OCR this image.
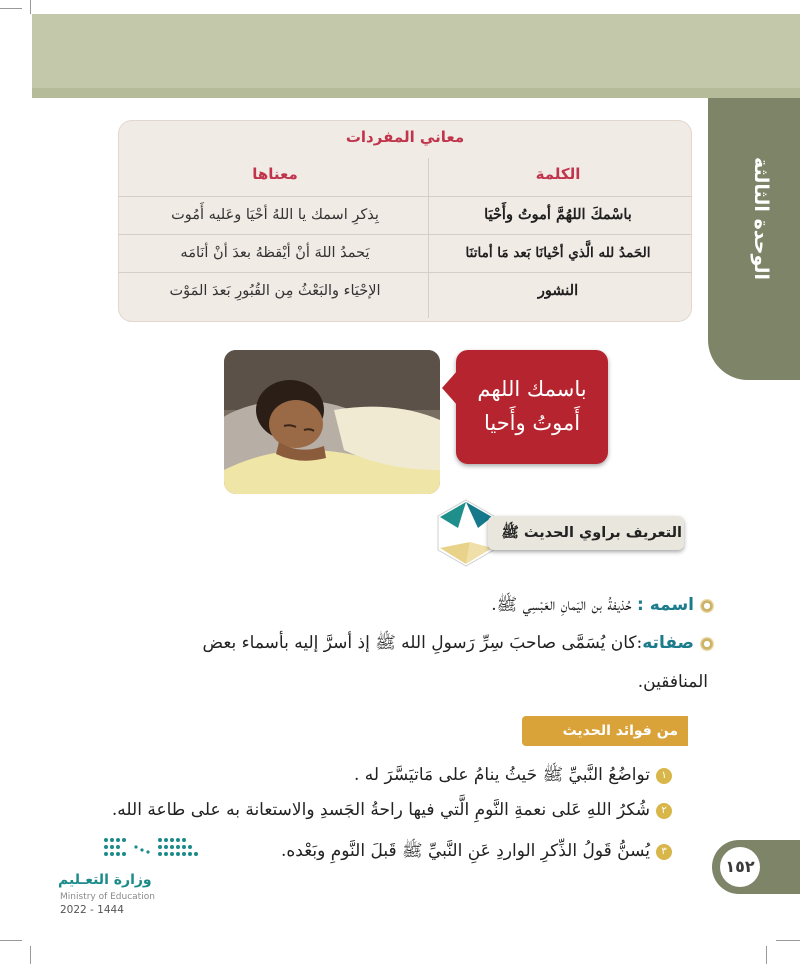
الوحدة الثالثة
معاني المفردات
الكلمة
معناها
باسْمكَ اللهُمَّ أموتُ وأَحْيَا
بِذكرِ اسمك يا اللهُ أحْيَا وعَليه أَمُوت
الحَمدُ لله الَّذي أحْيانَا بَعد مَا أماتنَا
يَحمدُ اللهَ أنْ أيْقظهُ بعدَ أنْ أنَامَه
النشور
الإحْيَاء والبَعْثُ مِن القُبُورِ بَعدَ المَوْت
باسمك اللهم
أَموتُ وأَحيا
التعريف براوي الحديث ﷺ
اسمه : حُذيفةُ بن اليَمانِ العَبْسِي ﷺ.
صفاته:كان يُسَمَّى صاحبَ سِرِّ رَسولِ الله ﷺ إذ أسرَّ إليه بأسماء بعض
المنافقين.
من فوائد الحديث
١تواضُعُ النَّبيِّ ﷺ حَيثُ ينامُ على مَاتيَسَّرَ له .
٢شُكرُ اللهِ عَلى نعمةِ النَّومِ الَّتي فيها راحةُ الجَسدِ والاستعانة به على طاعة الله.
٣يُسنُّ قَولُ الذِّكرِ الواردِ عَنِ النَّبيِّ ﷺ قَبلَ النَّومِ وبَعْده.
١٥٢
وزارة التعـليم
Ministry of Education
2022 - 1444
